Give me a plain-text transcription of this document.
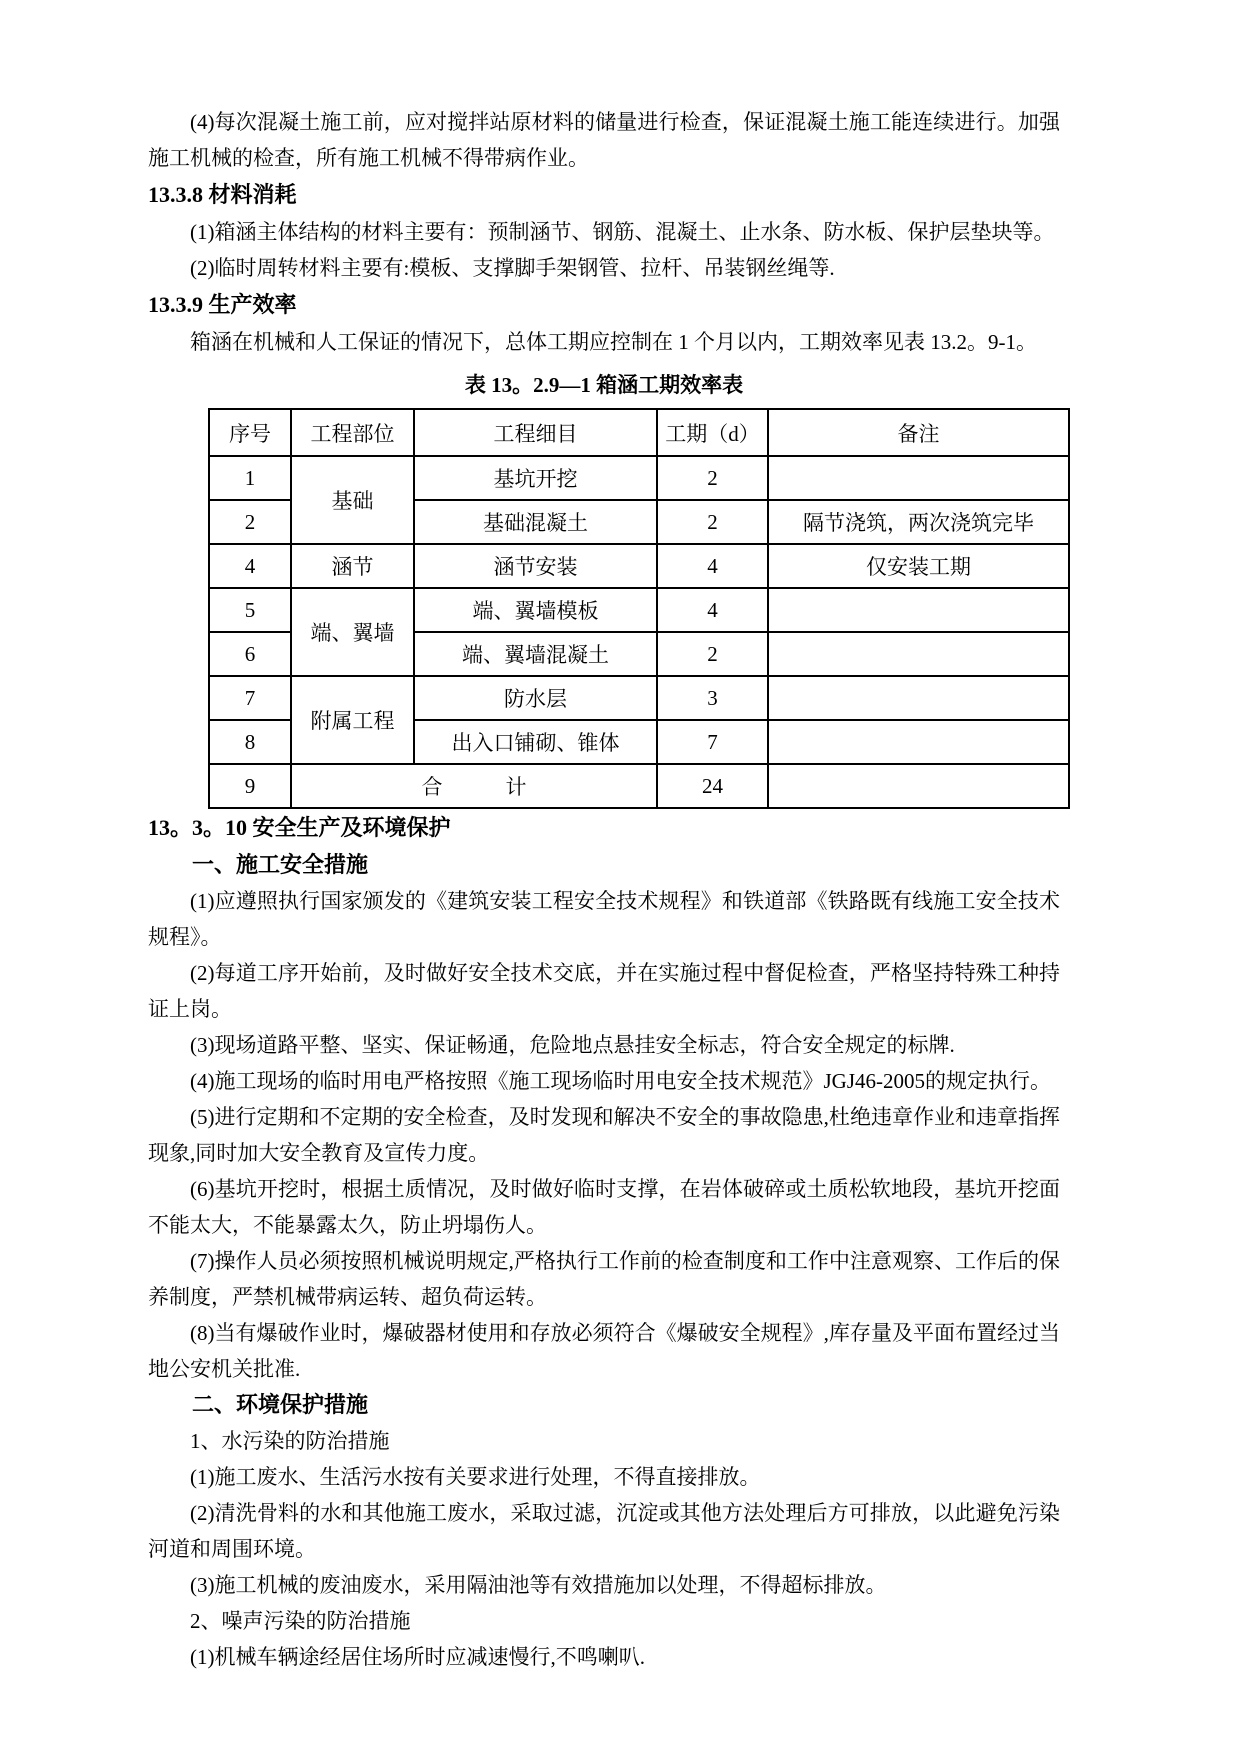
(4)每次混凝土施工前，应对搅拌站原材料的储量进行检查，保证混凝土施工能连续进行。加强施工机械的检查，所有施工机械不得带病作业。

13.3.8 材料消耗

(1)箱涵主体结构的材料主要有：预制涵节、钢筋、混凝土、止水条、防水板、保护层垫块等。

(2)临时周转材料主要有:模板、支撑脚手架钢管、拉杆、吊装钢丝绳等.

13.3.9 生产效率

箱涵在机械和人工保证的情况下，总体工期应控制在 1 个月以内，工期效率见表 13.2。9-1。

表 13。2.9—1 箱涵工期效率表

序号	工程部位	工程细目	工期（d）	备注
1	基础	基坑开挖	2	
2		基础混凝土	2	隔节浇筑，两次浇筑完毕
4	涵节	涵节安装	4	仅安装工期
5	端、翼墙	端、翼墙模板	4	
6		端、翼墙混凝土	2	
7	附属工程	防水层	3	
8		出入口铺砌、锥体	7	
9	合　　　计		24	
13。3。10 安全生产及环境保护
一、施工安全措施

(1)应遵照执行国家颁发的《建筑安装工程安全技术规程》和铁道部《铁路既有线施工安全技术规程》。

(2)每道工序开始前，及时做好安全技术交底，并在实施过程中督促检查，严格坚持特殊工种持证上岗。

(3)现场道路平整、坚实、保证畅通，危险地点悬挂安全标志，符合安全规定的标牌.

(4)施工现场的临时用电严格按照《施工现场临时用电安全技术规范》JGJ46-2005的规定执行。

(5)进行定期和不定期的安全检查，及时发现和解决不安全的事故隐患,杜绝违章作业和违章指挥现象,同时加大安全教育及宣传力度。

(6)基坑开挖时，根据土质情况，及时做好临时支撑，在岩体破碎或土质松软地段，基坑开挖面不能太大，不能暴露太久，防止坍塌伤人。

(7)操作人员必须按照机械说明规定,严格执行工作前的检查制度和工作中注意观察、工作后的保养制度，严禁机械带病运转、超负荷运转。

(8)当有爆破作业时，爆破器材使用和存放必须符合《爆破安全规程》,库存量及平面布置经过当地公安机关批准.

二、环境保护措施

1、水污染的防治措施

(1)施工废水、生活污水按有关要求进行处理，不得直接排放。

(2)清洗骨料的水和其他施工废水，采取过滤，沉淀或其他方法处理后方可排放，以此避免污染河道和周围环境。

(3)施工机械的废油废水，采用隔油池等有效措施加以处理，不得超标排放。

2、噪声污染的防治措施

(1)机械车辆途经居住场所时应减速慢行,不鸣喇叭.
